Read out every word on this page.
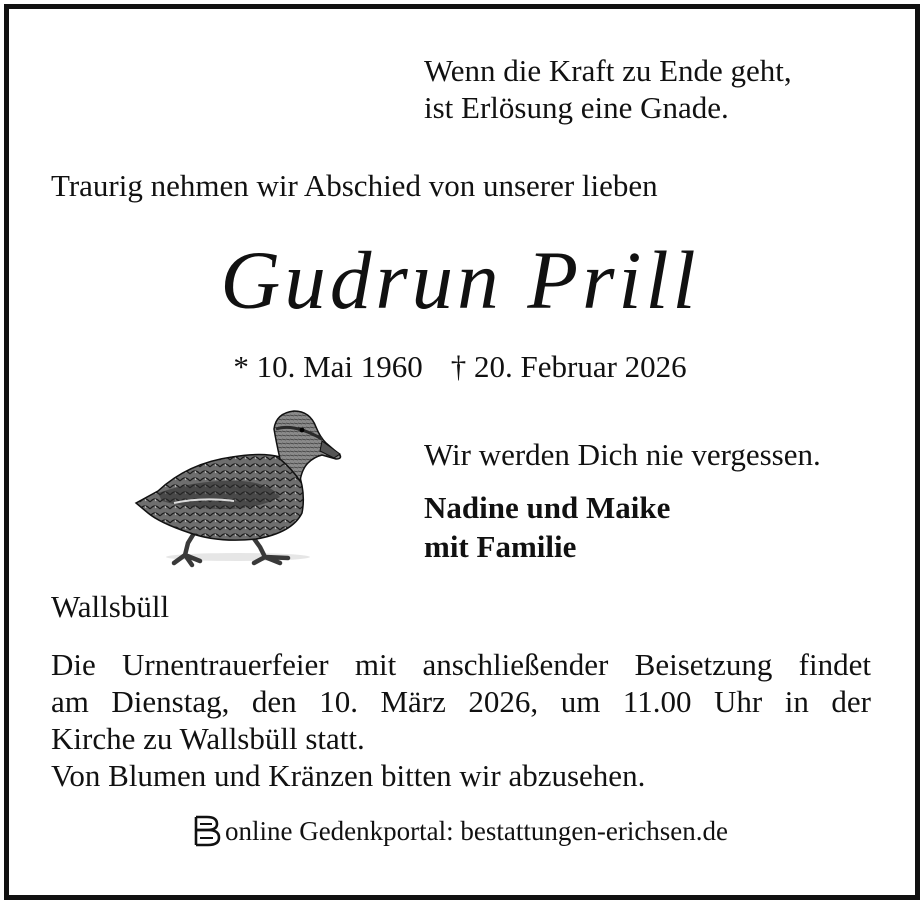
Wenn die Kraft zu Ende geht,
ist Erlösung eine Gnade.
Traurig nehmen wir Abschied von unserer lieben
Gudrun Prill
* 10. Mai 1960 † 20. Februar 2026
Wir werden Dich nie vergessen.
Nadine und Maike
mit Familie
Wallsbüll

Die Urnentrauerfeier mit anschließender Beisetzung findet

am Dienstag, den 10. März 2026, um 11.00 Uhr in der

Kirche zu Wallsbüll statt.

Von Blumen und Kränzen bitten wir abzusehen.

online Gedenkportal: bestattungen-erichsen.de
